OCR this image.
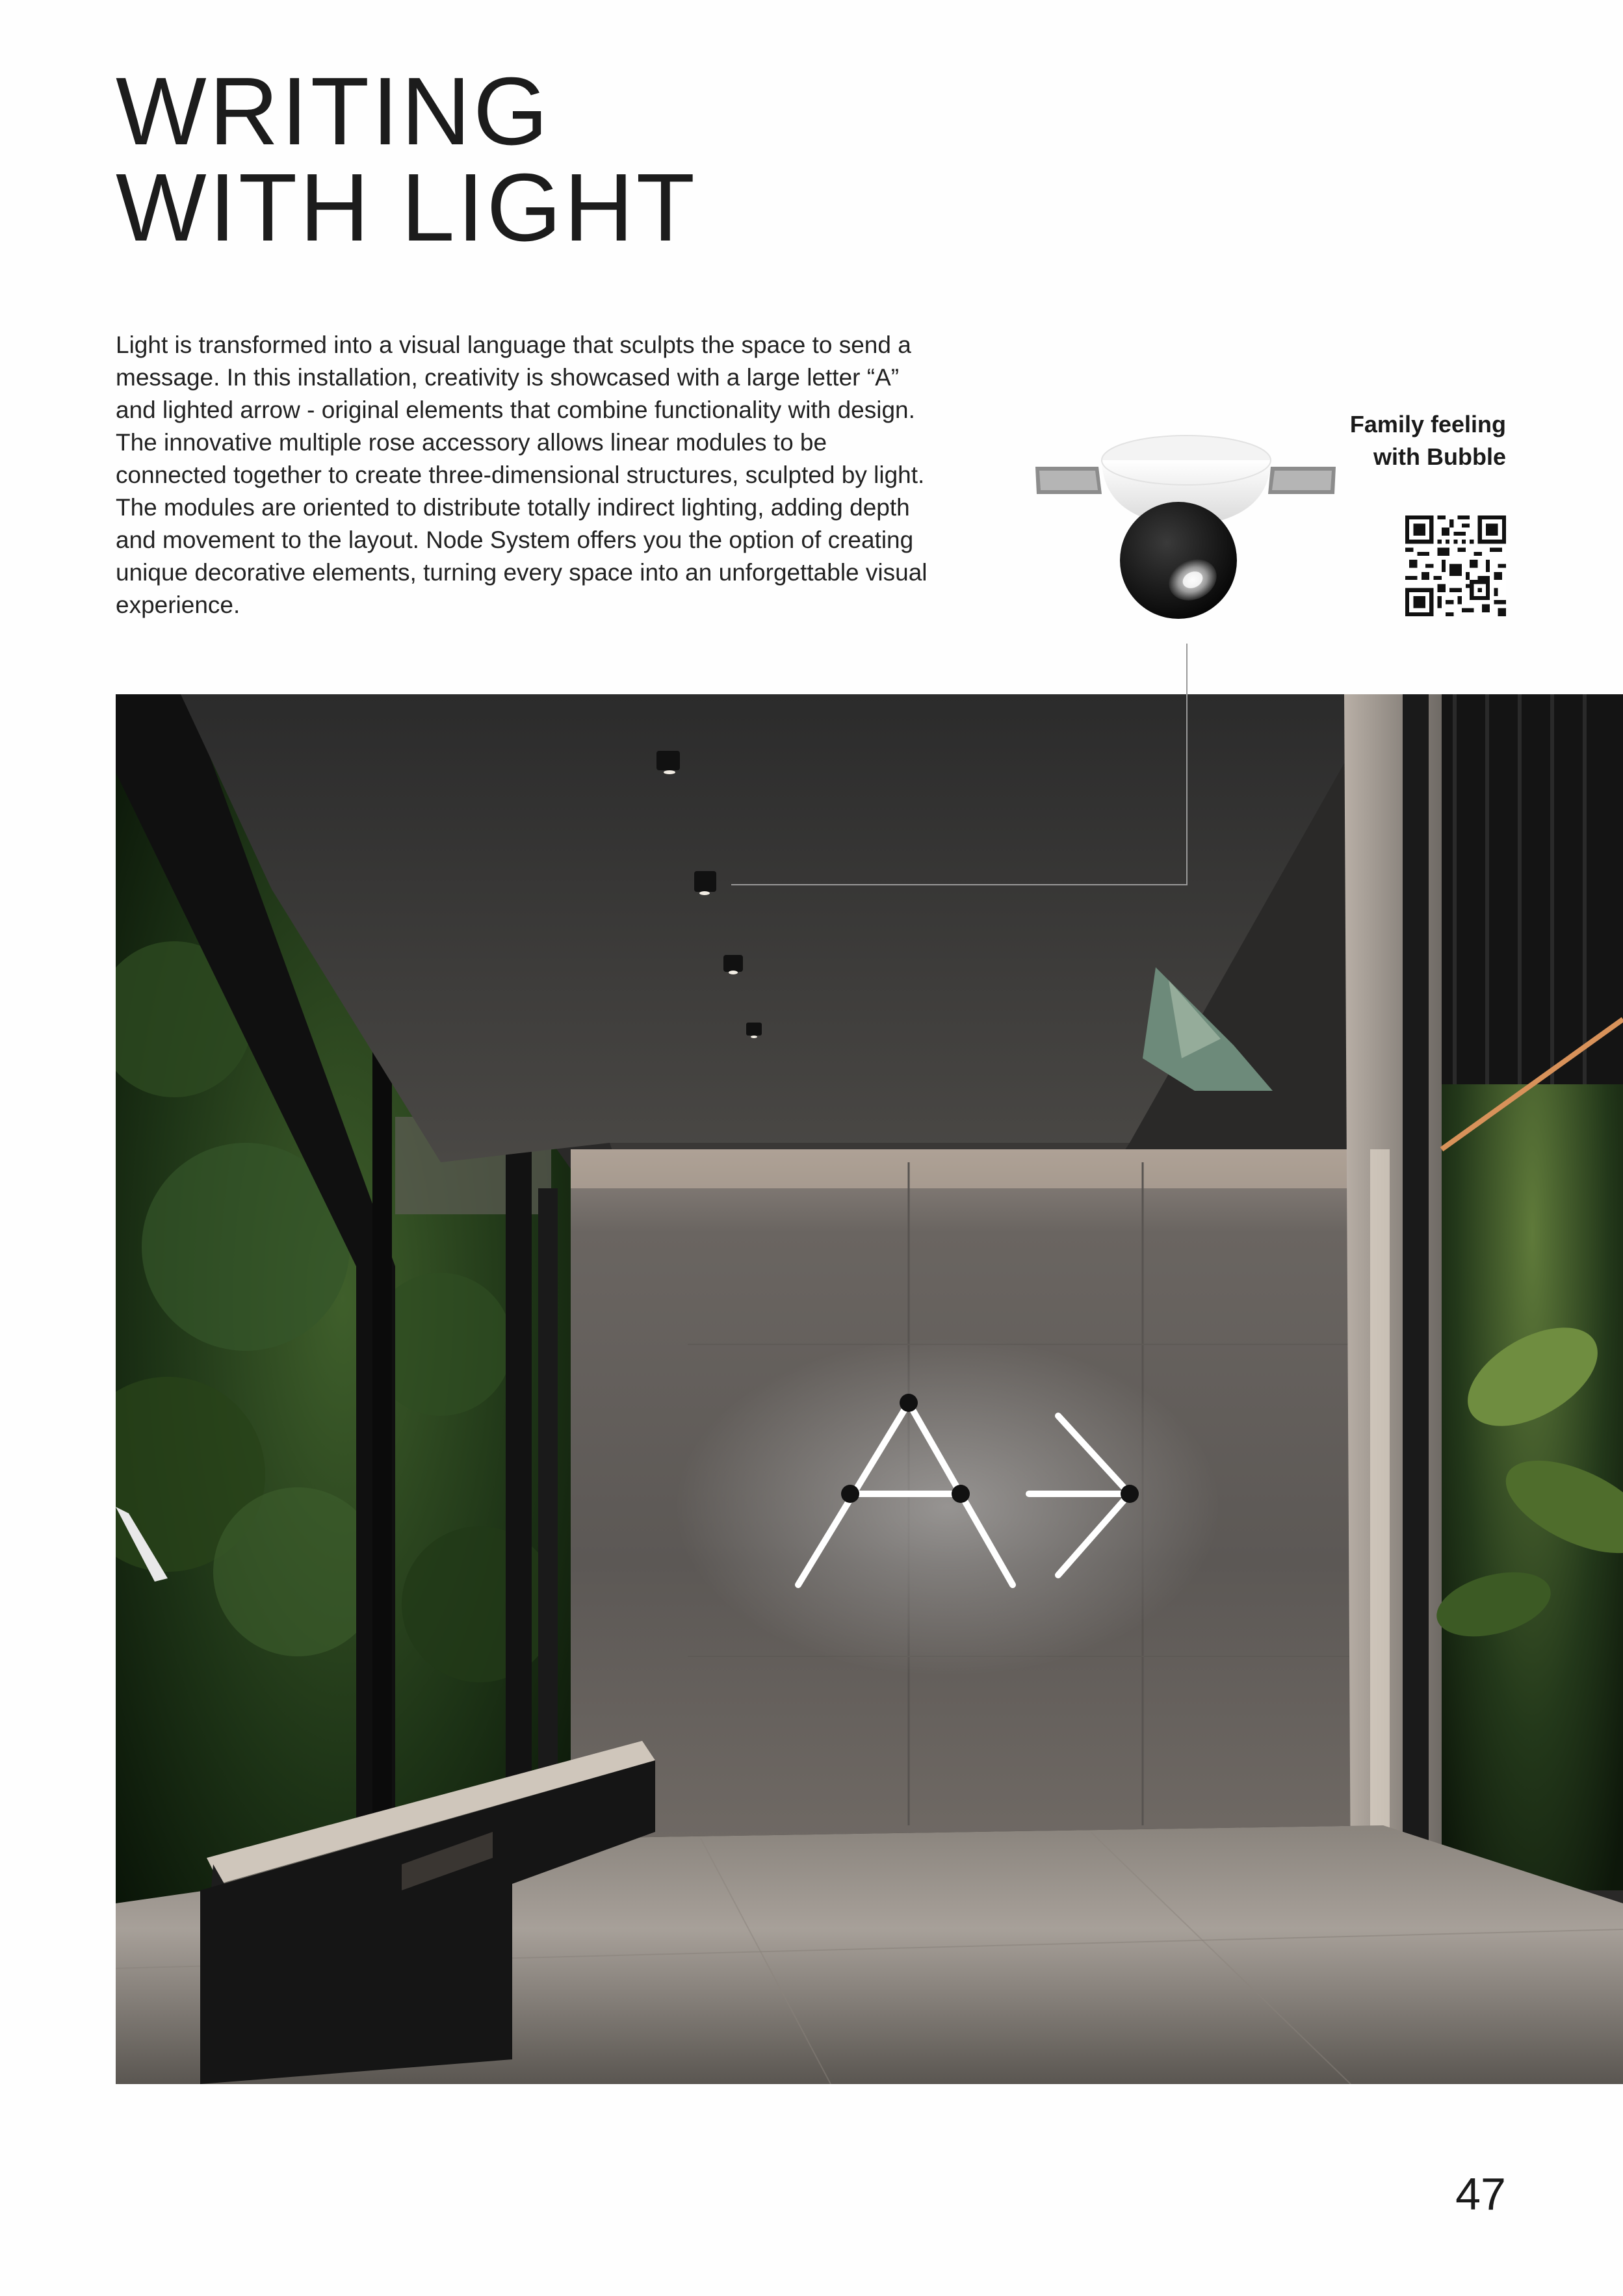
WRITING
WITH LIGHT

Light is transformed into a visual language that sculpts the space to send a message. In this installation, creativity is showcased with a large letter “A” and lighted arrow - original elements that combine functionality with design. The innovative multiple rose accessory allows linear modules to be connected together to create three-dimensional structures, sculpted by light. The modules are oriented to distribute totally indirect lighting, adding depth and movement to the layout. Node System offers you the option of creating unique decorative elements, turning every space into an unforgettable visual experience.

Family feeling
with Bubble
47
